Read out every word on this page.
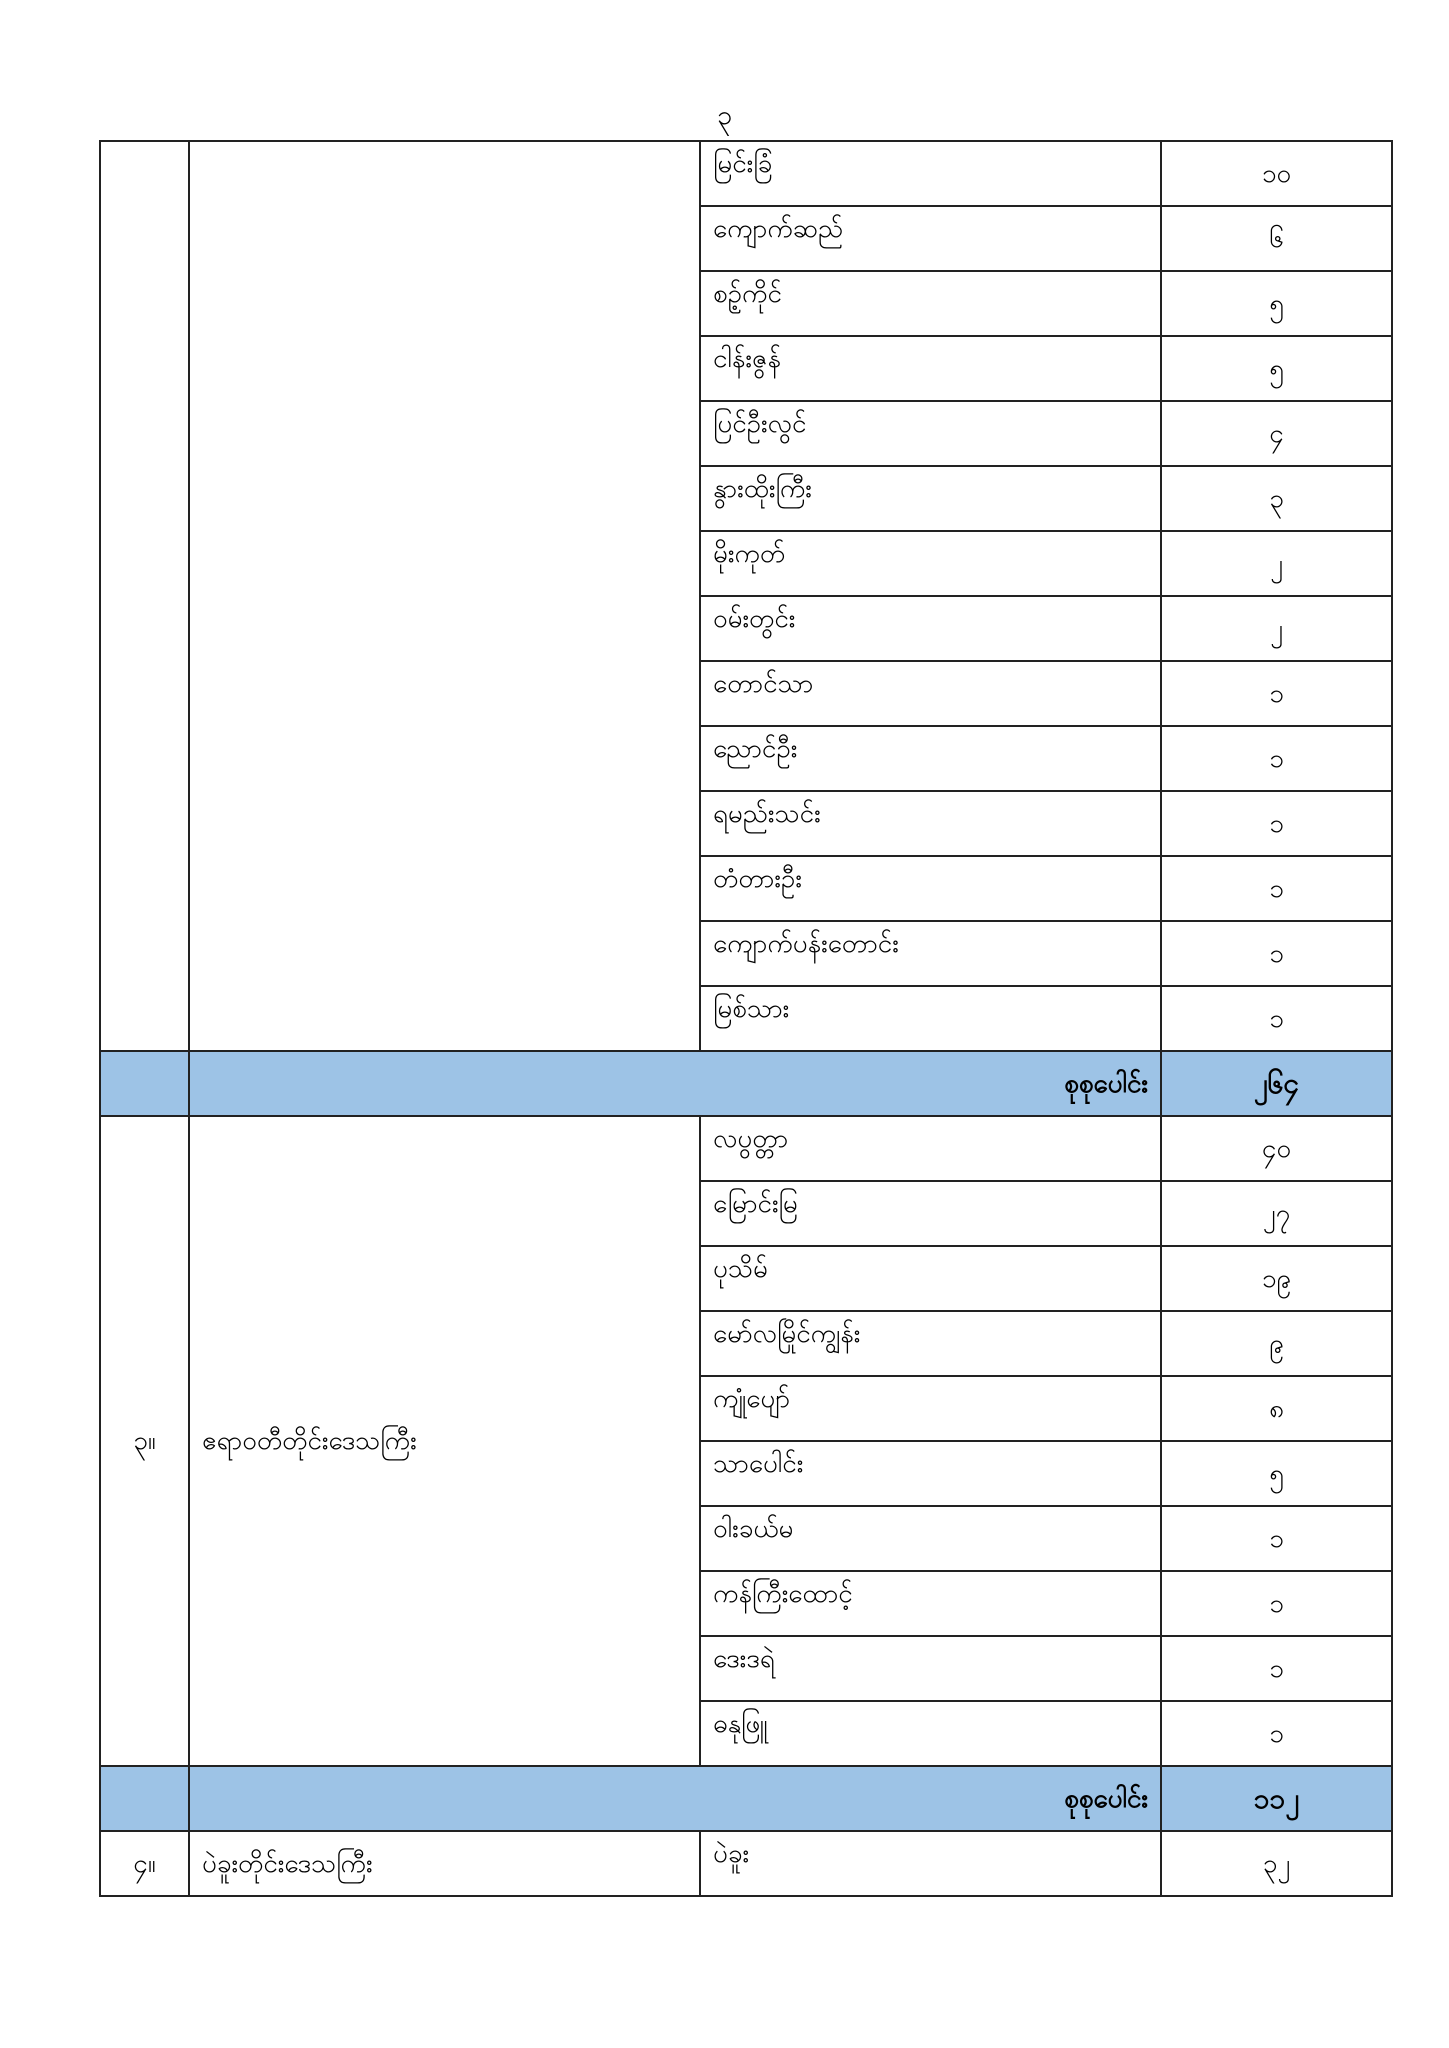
၃
		မြင်းခြံ	၁၀
		ကျောက်ဆည်	၆
		စဉ့်ကိုင်	၅
		ငါန်းဇွန်	၅
		ပြင်ဦးလွင်	၄
		နွားထိုးကြီး	၃
		မိုးကုတ်	၂
		ဝမ်းတွင်း	၂
		တောင်သာ	၁
		ညောင်ဦး	၁
		ရမည်းသင်း	၁
		တံတားဦး	၁
		ကျောက်ပန်းတောင်း	၁
		မြစ်သား	၁
	စုစုပေါင်း		၂၆၄
၃။	ဧရာဝတီတိုင်းဒေသကြီး	လပွတ္တာ	၄၀
		မြောင်းမြ	၂၇
		ပုသိမ်	၁၉
		မော်လမြိုင်ကျွန်း	၉
		ကျုံပျော်	၈
		သာပေါင်း	၅
		ဝါးခယ်မ	၁
		ကန်ကြီးထောင့်	၁
		ဒေးဒရဲ	၁
		ဓနုဖြူ	၁
	စုစုပေါင်း		၁၁၂
၄။	ပဲခူးတိုင်းဒေသကြီး	ပဲခူး	၃၂
